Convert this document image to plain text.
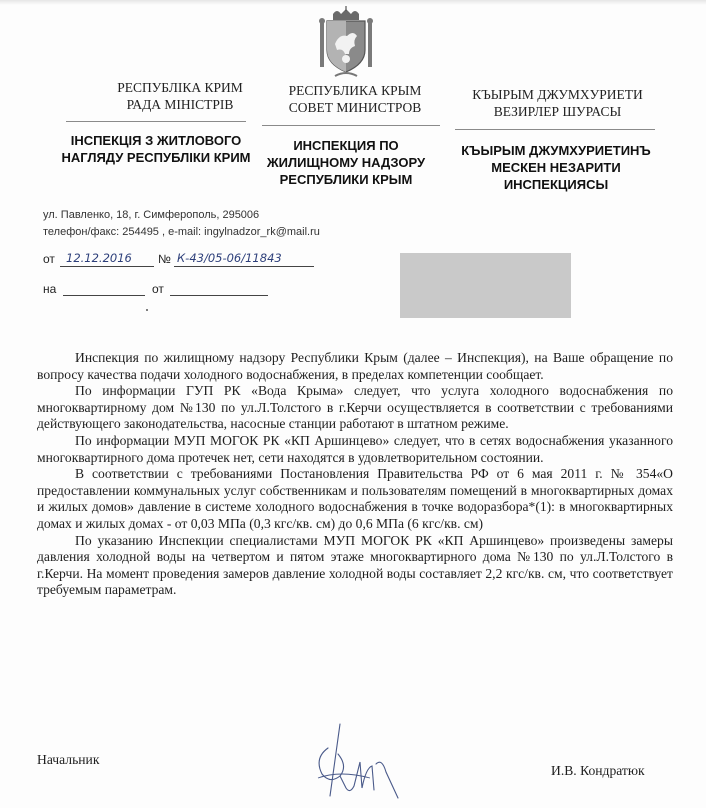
РЕСПУБЛІКА КРИМ
РАДА МІНІСТРІВ
РЕСПУБЛИКА КРЫМ
СОВЕТ МИНИСТРОВ
КЪЫРЫМ ДЖУМХУРИЕТИ
ВЕЗИРЛЕР ШУРАСЫ
ІНСПЕКЦІЯ З ЖИТЛОВОГО НАГЛЯДУ РЕСПУБЛІКИ КРИМ
ИНСПЕКЦИЯ ПО ЖИЛИЩНОМУ НАДЗОРУ РЕСПУБЛИКИ КРЫМ
КЪЫРЫМ ДЖУМХУРИЕТИНЪ МЕСКЕН НЕЗАРИТИ ИНСПЕКЦИЯСЫ
ул. Павленко, 18, г. Симферополь, 295006
телефон/факс: 254495 , e-mail: ingylnadzor_rk@mail.ru
от 12.12.2016 № К-43/05-06/11843
на	от

Инспекция по жилищному надзору Республики Крым (далее – Инспекция), на Ваше обращение по вопросу качества подачи холодного водоснабжения, в пределах компетенции сообщает.

По информации ГУП РК «Вода Крыма» следует, что услуга холодного водоснабжения по многоквартирному дом №130 по ул.Л.Толстого в г.Керчи осуществляется в соответствии с требованиями действующего законодательства, насосные станции работают в штатном режиме.

По информации МУП МОГОК РК «КП Аршинцево» следует, что в сетях водоснабжения указанного многоквартирного дома протечек нет, сети находятся в удовлетворительном состоянии.

В соответствии с требованиями Постановления Правительства РФ от 6 мая 2011 г. № 354«О предоставлении коммунальных услуг собственникам и пользователям помещений в многоквартирных домах и жилых домов» давление в системе холодного водоснабжения в точке водоразбора*(1): в многоквартирных домах и жилых домах - от 0,03 МПа (0,3 кгс/кв. см) до 0,6 МПа (6 кгс/кв. см)

По указанию Инспекции специалистами МУП МОГОК РК «КП Аршинцево» произведены замеры давления холодной воды на четвертом и пятом этаже многоквартирного дома №130 по ул.Л.Толстого в г.Керчи. На момент проведения замеров давление холодной воды составляет 2,2 кгс/кв. см, что соответствует требуемым параметрам.

Начальник
И.В. Кондратюк
